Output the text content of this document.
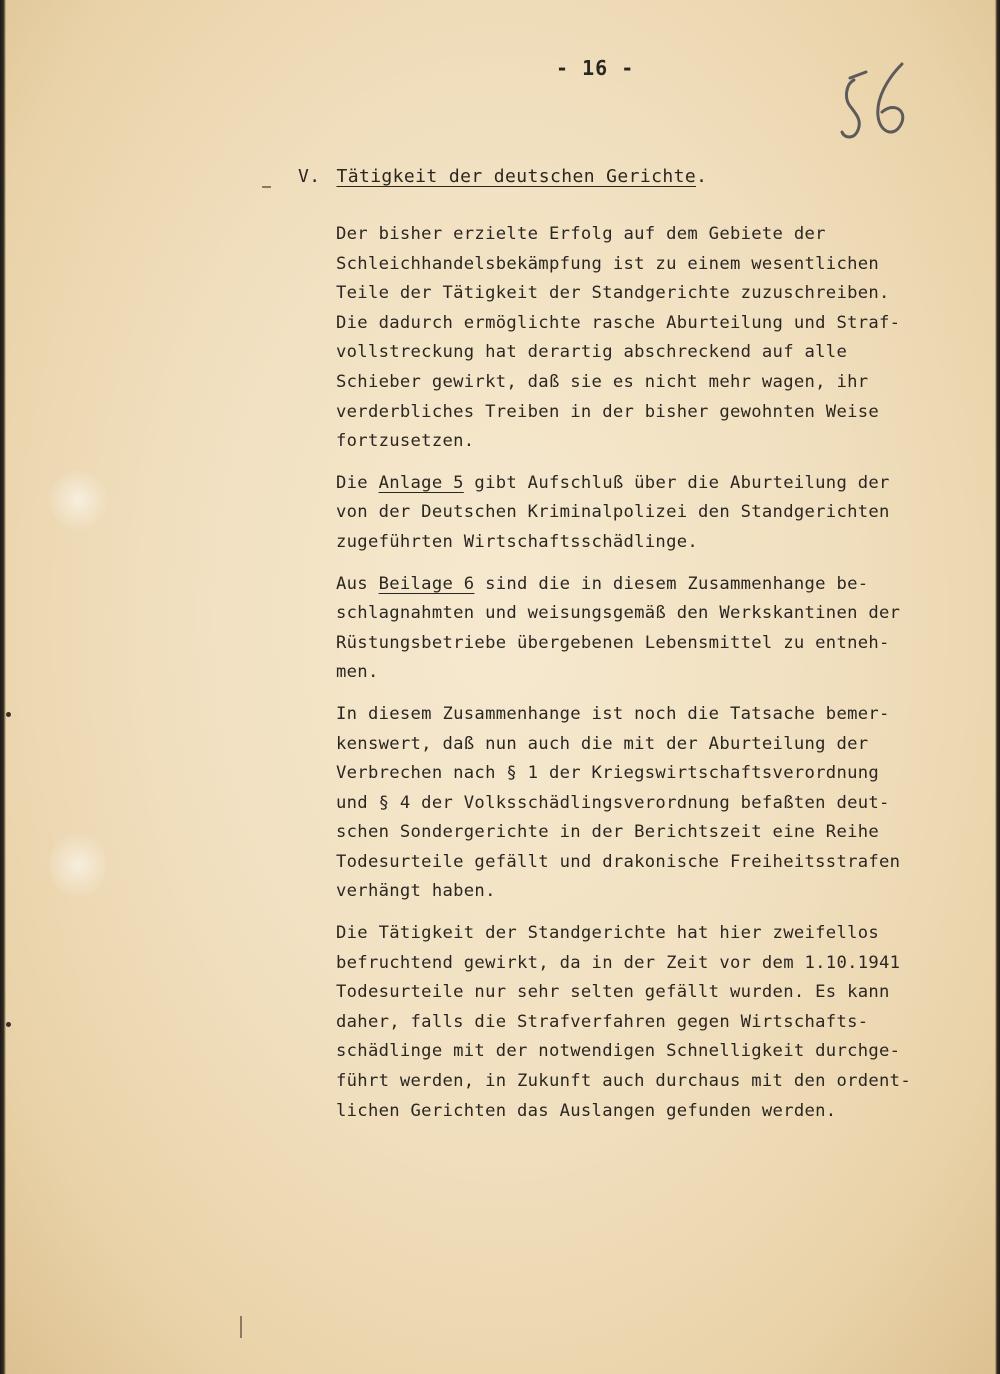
- 16 -
V. Tätigkeit der deutschen Gerichte.
Der bisher erzielte Erfolg auf dem Gebiete der
Schleichhandelsbekämpfung ist zu einem wesentlichen
Teile der Tätigkeit der Standgerichte zuzuschreiben.
Die dadurch ermöglichte rasche Aburteilung und Straf-
vollstreckung hat derartig abschreckend auf alle
Schieber gewirkt, daß sie es nicht mehr wagen, ihr
verderbliches Treiben in der bisher gewohnten Weise
fortzusetzen.
Die Anlage 5 gibt Aufschluß über die Aburteilung der
von der Deutschen Kriminalpolizei den Standgerichten
zugeführten Wirtschaftsschädlinge.
Aus Beilage 6 sind die in diesem Zusammenhange be-
schlagnahmten und weisungsgemäß den Werkskantinen der
Rüstungsbetriebe übergebenen Lebensmittel zu entneh-
men.
In diesem Zusammenhange ist noch die Tatsache bemer-
kenswert, daß nun auch die mit der Aburteilung der
Verbrechen nach § 1 der Kriegswirtschaftsverordnung
und § 4 der Volksschädlingsverordnung befaßten deut-
schen Sondergerichte in der Berichtszeit eine Reihe
Todesurteile gefällt und drakonische Freiheitsstrafen
verhängt haben.
Die Tätigkeit der Standgerichte hat hier zweifellos
befruchtend gewirkt, da in der Zeit vor dem 1.10.1941
Todesurteile nur sehr selten gefällt wurden. Es kann
daher, falls die Strafverfahren gegen Wirtschafts-
schädlinge mit der notwendigen Schnelligkeit durchge-
führt werden, in Zukunft auch durchaus mit den ordent-
lichen Gerichten das Auslangen gefunden werden.
